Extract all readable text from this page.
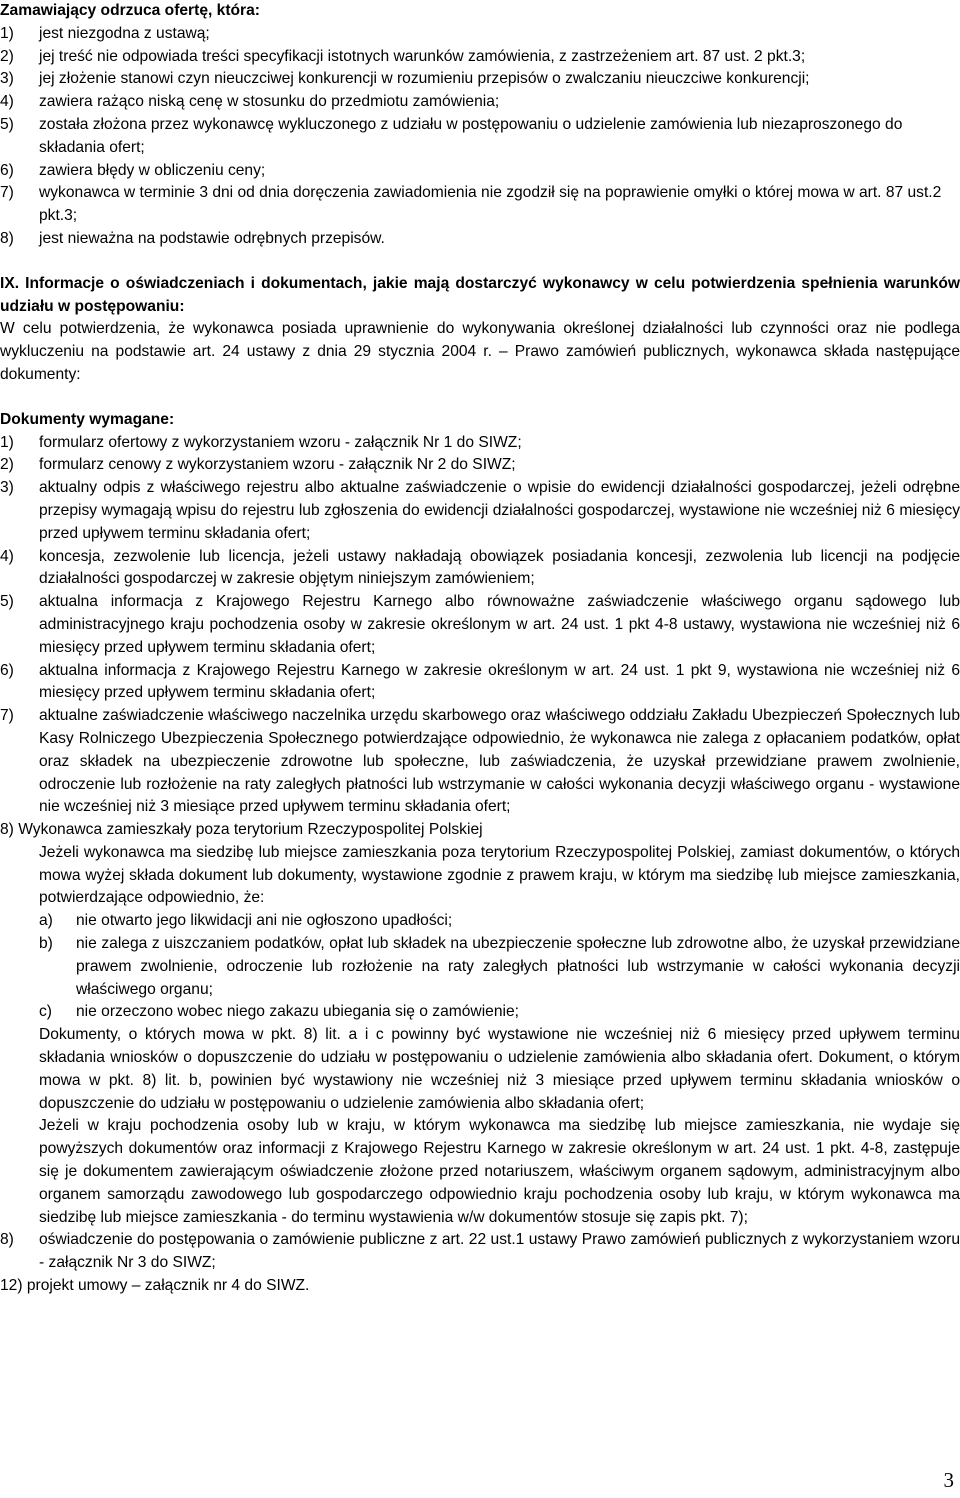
Zamawiający odrzuca ofertę, która:

1)	jest niezgodna z ustawą;
2)	jej treść nie odpowiada treści specyfikacji istotnych warunków zamówienia, z zastrzeżeniem art. 87 ust. 2 pkt.3;
3)	jej złożenie stanowi czyn nieuczciwej konkurencji w rozumieniu przepisów o zwalczaniu nieuczciwe konkurencji;
4)	zawiera rażąco niską cenę w stosunku do przedmiotu zamówienia;
5)	została złożona przez wykonawcę wykluczonego z udziału w postępowaniu o udzielenie zamówienia lub niezaproszonego do składania ofert;
6)	zawiera błędy w obliczeniu ceny;
7)	wykonawca w terminie 3 dni od dnia doręczenia zawiadomienia nie zgodził się na poprawienie omyłki o której mowa w art. 87 ust.2 pkt.3;
8)	jest nieważna na podstawie odrębnych przepisów.

IX. Informacje o oświadczeniach i dokumentach, jakie mają dostarczyć wykonawcy w celu potwierdzenia spełnienia warunków udziału w postępowaniu:

W celu potwierdzenia, że wykonawca posiada uprawnienie do wykonywania określonej działalności lub czynności oraz nie podlega wykluczeniu na podstawie art. 24 ustawy z dnia 29 stycznia 2004 r. – Prawo zamówień publicznych, wykonawca składa następujące dokumenty:

Dokumenty wymagane:

1)	formularz ofertowy z wykorzystaniem wzoru - załącznik Nr 1 do SIWZ;
2)	formularz cenowy z wykorzystaniem wzoru - załącznik Nr 2 do SIWZ;
3)	aktualny odpis z właściwego rejestru albo aktualne zaświadczenie o wpisie do ewidencji działalności gospodarczej, jeżeli odrębne przepisy wymagają wpisu do rejestru lub zgłoszenia do ewidencji działalności gospodarczej, wystawione nie wcześniej niż 6 miesięcy przed upływem terminu składania ofert;
4)	koncesja, zezwolenie lub licencja, jeżeli ustawy nakładają obowiązek posiadania koncesji, zezwolenia lub licencji na podjęcie działalności gospodarczej w zakresie objętym niniejszym zamówieniem;
5)	aktualna informacja z Krajowego Rejestru Karnego albo równoważne zaświadczenie właściwego organu sądowego lub administracyjnego kraju pochodzenia osoby w zakresie określonym w art. 24 ust. 1 pkt 4-8 ustawy, wystawiona nie wcześniej niż 6 miesięcy przed upływem terminu składania ofert;
6)	aktualna informacja z Krajowego Rejestru Karnego w zakresie określonym w art. 24 ust. 1 pkt 9, wystawiona nie wcześniej niż 6 miesięcy przed upływem terminu składania ofert;
7)	aktualne zaświadczenie właściwego naczelnika urzędu skarbowego oraz właściwego oddziału Zakładu Ubezpieczeń Społecznych lub Kasy Rolniczego Ubezpieczenia Społecznego potwierdzające odpowiednio, że wykonawca nie zalega z opłacaniem podatków, opłat oraz składek na ubezpieczenie zdrowotne lub społeczne, lub zaświadczenia, że uzyskał przewidziane prawem zwolnienie, odroczenie lub rozłożenie na raty zaległych płatności lub wstrzymanie w całości wykonania decyzji właściwego organu - wystawione nie wcześniej niż 3 miesiące przed upływem terminu składania ofert;

8) Wykonawca zamieszkały poza terytorium Rzeczypospolitej Polskiej

Jeżeli wykonawca ma siedzibę lub miejsce zamieszkania poza terytorium Rzeczypospolitej Polskiej, zamiast dokumentów, o których mowa wyżej składa dokument lub dokumenty, wystawione zgodnie z prawem kraju, w którym ma siedzibę lub miejsce zamieszkania, potwierdzające odpowiednio, że:

a)	nie otwarto jego likwidacji ani nie ogłoszono upadłości;
b)	nie zalega z uiszczaniem podatków, opłat lub składek na ubezpieczenie społeczne lub zdrowotne albo, że uzyskał przewidziane prawem zwolnienie, odroczenie lub rozłożenie na raty zaległych płatności lub wstrzymanie w całości wykonania decyzji właściwego organu;
c)	nie orzeczono wobec niego zakazu ubiegania się o zamówienie;

Dokumenty, o których mowa w pkt. 8) lit. a i c powinny być wystawione nie wcześniej niż 6 miesięcy przed upływem terminu składania wniosków o dopuszczenie do udziału w postępowaniu o udzielenie zamówienia albo składania ofert. Dokument, o którym mowa w pkt. 8) lit. b, powinien być wystawiony nie wcześniej niż 3 miesiące przed upływem terminu składania wniosków o dopuszczenie do udziału w postępowaniu o udzielenie zamówienia albo składania ofert;

Jeżeli w kraju pochodzenia osoby lub w kraju, w którym wykonawca ma siedzibę lub miejsce zamieszkania, nie wydaje się powyższych dokumentów oraz informacji z Krajowego Rejestru Karnego w zakresie określonym w art. 24 ust. 1 pkt. 4-8, zastępuje się je dokumentem zawierającym oświadczenie złożone przed notariuszem, właściwym organem sądowym, administracyjnym albo organem samorządu zawodowego lub gospodarczego odpowiednio kraju pochodzenia osoby lub kraju, w którym wykonawca ma siedzibę lub miejsce zamieszkania - do terminu wystawienia w/w dokumentów stosuje się zapis pkt. 7);

8)	oświadczenie do postępowania o zamówienie publiczne z art. 22 ust.1 ustawy Prawo zamówień publicznych z wykorzystaniem wzoru - załącznik Nr 3 do SIWZ;

12) projekt umowy – załącznik nr 4 do SIWZ.

3
